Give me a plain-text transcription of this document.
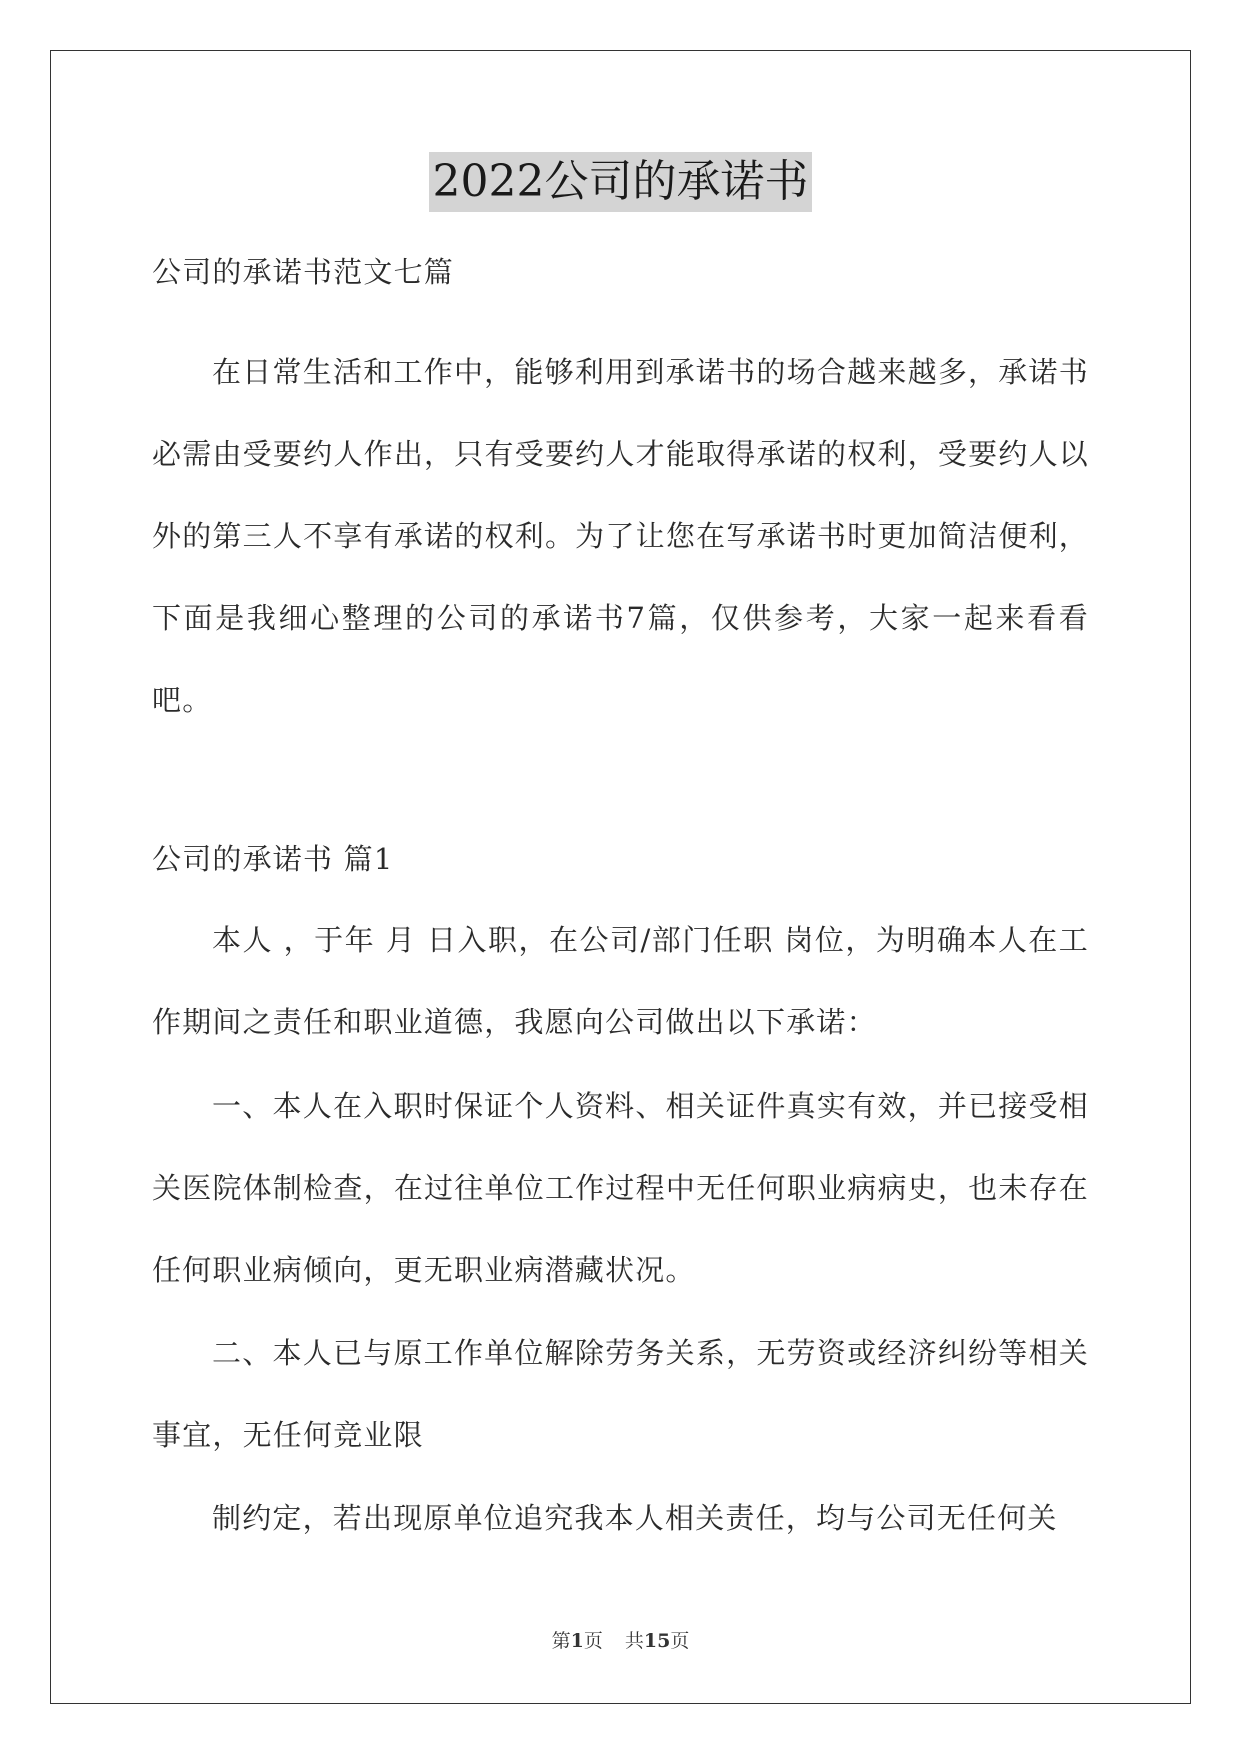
2022公司的承诺书

公司的承诺书范文七篇

在日常生活和工作中，能够利用到承诺书的场合越来越多，承诺书必需由受要约人作出，只有受要约人才能取得承诺的权利，受要约人以外的第三人不享有承诺的权利。为了让您在写承诺书时更加简洁便利，下面是我细心整理的公司的承诺书7篇，仅供参考，大家一起来看看吧。

公司的承诺书 篇1

本人 ，于年 月 日入职，在公司/部门任职 岗位，为明确本人在工作期间之责任和职业道德，我愿向公司做出以下承诺：

一、本人在入职时保证个人资料、相关证件真实有效，并已接受相关医院体制检查，在过往单位工作过程中无任何职业病病史，也未存在任何职业病倾向，更无职业病潜藏状况。

二、本人已与原工作单位解除劳务关系，无劳资或经济纠纷等相关事宜，无任何竞业限

制约定，若出现原单位追究我本人相关责任，均与公司无任何关

第1页 共15页
